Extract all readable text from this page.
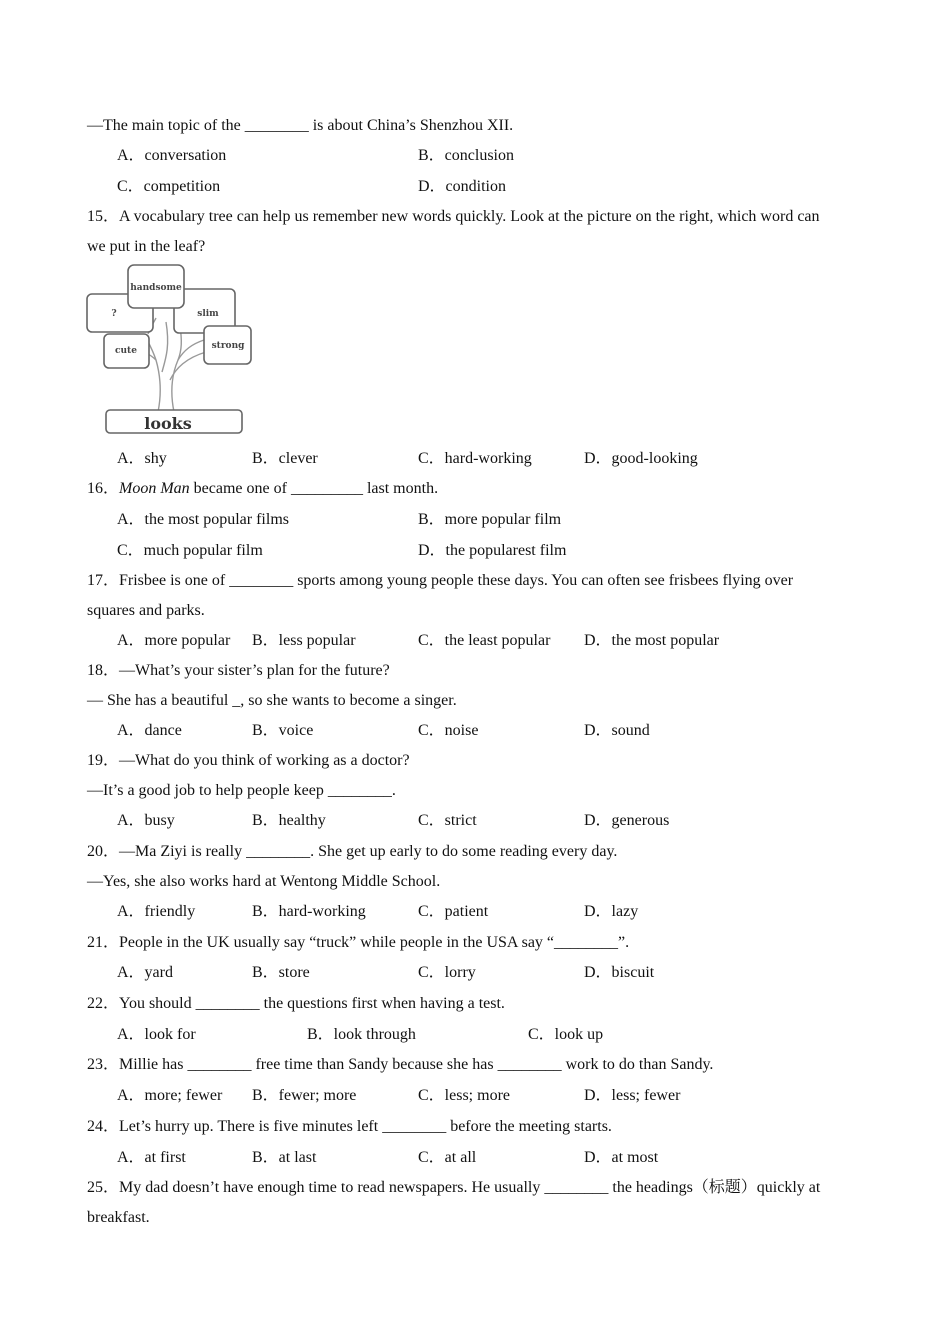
—The main topic of the ________ is about China’s Shenzhou XII.
A．conversation	B．conclusion
C．competition	D．condition
15．A vocabulary tree can help us remember new words quickly. Look at the picture on the right, which word can
we put in the leaf?
handsome
?	slim
cute	strong
looks
A．shy	B．clever	C．hard-working	D．good-looking
16．Moon Man became one of _________ last month.
A．the most popular films	B．more popular film
C．much popular film	D．the popularest film
17．Frisbee is one of ________ sports among young people these days. You can often see frisbees flying over
squares and parks.
A．more popular B．less popular	C．the least popular D．the most popular
18．—What’s your sister’s plan for the future?
— She has a beautiful _, so she wants to become a singer.
A．dance	B．voice	C．noise	D．sound
19．—What do you think of working as a doctor?
—It’s a good job to help people keep ________.
A．busy	B．healthy	C．strict	D．generous
20．—Ma Ziyi is really ________. She get up early to do some reading every day.
—Yes, she also works hard at Wentong Middle School.
A．friendly	B．hard-working	C．patient	D．lazy
21．People in the UK usually say “truck” while people in the USA say “________”.
A．yard	B．store	C．lorry	D．biscuit
22．You should ________ the questions first when having a test.
A．look for	B．look through	C．look up
23．Millie has ________ free time than Sandy because she has ________ work to do than Sandy.
A．more; fewer B．fewer; more	C．less; more	D．less; fewer
24．Let’s hurry up. There is five minutes left ________ before the meeting starts.
A．at first	B．at last	C．at all	D．at most
25．My dad doesn’t have enough time to read newspapers. He usually ________ the headings（标题）quickly at
breakfast.
